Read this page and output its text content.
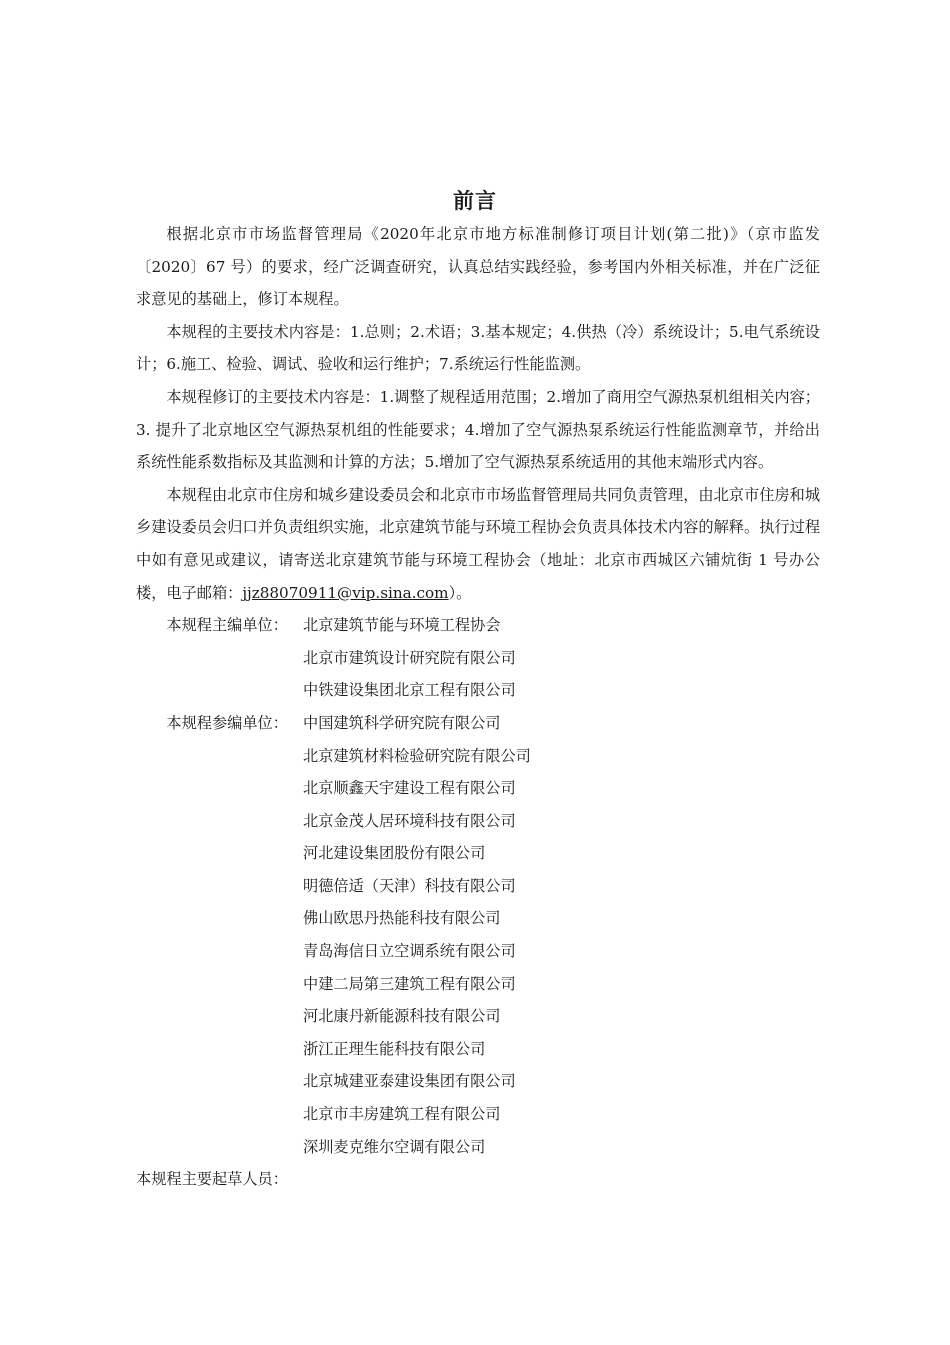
前言

根据北京市市场监督管理局《2020年北京市地方标准制修订项目计划(第二批)》（京市监发〔2020〕67 号）的要求，经广泛调查研究，认真总结实践经验，参考国内外相关标准，并在广泛征求意见的基础上，修订本规程。

本规程的主要技术内容是：1.总则；2.术语；3.基本规定；4.供热（冷）系统设计；5.电气系统设计；6.施工、检验、调试、验收和运行维护；7.系统运行性能监测。

本规程修订的主要技术内容是：1.调整了规程适用范围；2.增加了商用空气源热泵机组相关内容；3. 提升了北京地区空气源热泵机组的性能要求；4.增加了空气源热泵系统运行性能监测章节，并给出系统性能系数指标及其监测和计算的方法；5.增加了空气源热泵系统适用的其他末端形式内容。

本规程由北京市住房和城乡建设委员会和北京市市场监督管理局共同负责管理，由北京市住房和城乡建设委员会归口并负责组织实施，北京建筑节能与环境工程协会负责具体技术内容的解释。执行过程中如有意见或建议，请寄送北京建筑节能与环境工程协会（地址：北京市西城区六铺炕街 1 号办公楼，电子邮箱：jjz88070911@vip.sina.com）。

本规程主编单位： 北京建筑节能与环境工程协会
北京市建筑设计研究院有限公司
中铁建设集团北京工程有限公司
本规程参编单位： 中国建筑科学研究院有限公司
北京建筑材料检验研究院有限公司
北京顺鑫天宇建设工程有限公司
北京金茂人居环境科技有限公司
河北建设集团股份有限公司
明德倍适（天津）科技有限公司
佛山欧思丹热能科技有限公司
青岛海信日立空调系统有限公司
中建二局第三建筑工程有限公司
河北康丹新能源科技有限公司
浙江正理生能科技有限公司
北京城建亚泰建设集团有限公司
北京市丰房建筑工程有限公司
深圳麦克维尔空调有限公司

本规程主要起草人员：
